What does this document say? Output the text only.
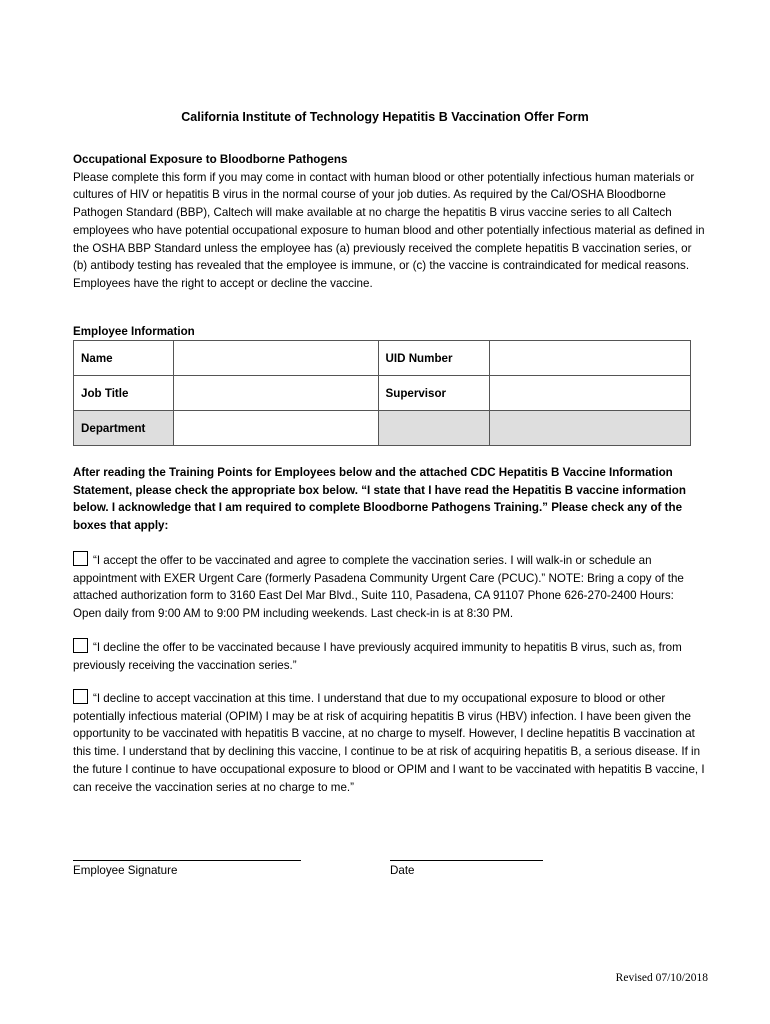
California Institute of Technology Hepatitis B Vaccination Offer Form
Occupational Exposure to Bloodborne Pathogens

Please complete this form if you may come in contact with human blood or other potentially infectious human materials or cultures of HIV or hepatitis B virus in the normal course of your job duties. As required by the Cal/OSHA Bloodborne Pathogen Standard (BBP), Caltech will make available at no charge the hepatitis B virus vaccine series to all Caltech employees who have potential occupational exposure to human blood and other potentially infectious material as defined in the OSHA BBP Standard unless the employee has (a) previously received the complete hepatitis B vaccination series, or (b) antibody testing has revealed that the employee is immune, or (c) the vaccine is contraindicated for medical reasons. Employees have the right to accept or decline the vaccine.

Employee Information
Name		UID Number	
Job Title		Supervisor	
Department			
After reading the Training Points for Employees below and the attached CDC Hepatitis B Vaccine Information Statement, please check the appropriate box below. “I state that I have read the Hepatitis B vaccine information below. I acknowledge that I am required to complete Bloodborne Pathogens Training.” Please check any of the boxes that apply:
“I accept the offer to be vaccinated and agree to complete the vaccination series. I will walk-in or schedule an appointment with EXER Urgent Care (formerly Pasadena Community Urgent Care (PCUC).” NOTE: Bring a copy of the attached authorization form to 3160 East Del Mar Blvd., Suite 110, Pasadena, CA 91107 Phone 626-270-2400 Hours: Open daily from 9:00 AM to 9:00 PM including weekends. Last check-in is at 8:30 PM.
“I decline the offer to be vaccinated because I have previously acquired immunity to hepatitis B virus, such as, from previously receiving the vaccination series.”
“I decline to accept vaccination at this time. I understand that due to my occupational exposure to blood or other potentially infectious material (OPIM) I may be at risk of acquiring hepatitis B virus (HBV) infection. I have been given the opportunity to be vaccinated with hepatitis B vaccine, at no charge to myself. However, I decline hepatitis B vaccination at this time. I understand that by declining this vaccine, I continue to be at risk of acquiring hepatitis B, a serious disease. If in the future I continue to have occupational exposure to blood or OPIM and I want to be vaccinated with hepatitis B vaccine, I can receive the vaccination series at no charge to me.”
Employee Signature	Date
Revised 07/10/2018
